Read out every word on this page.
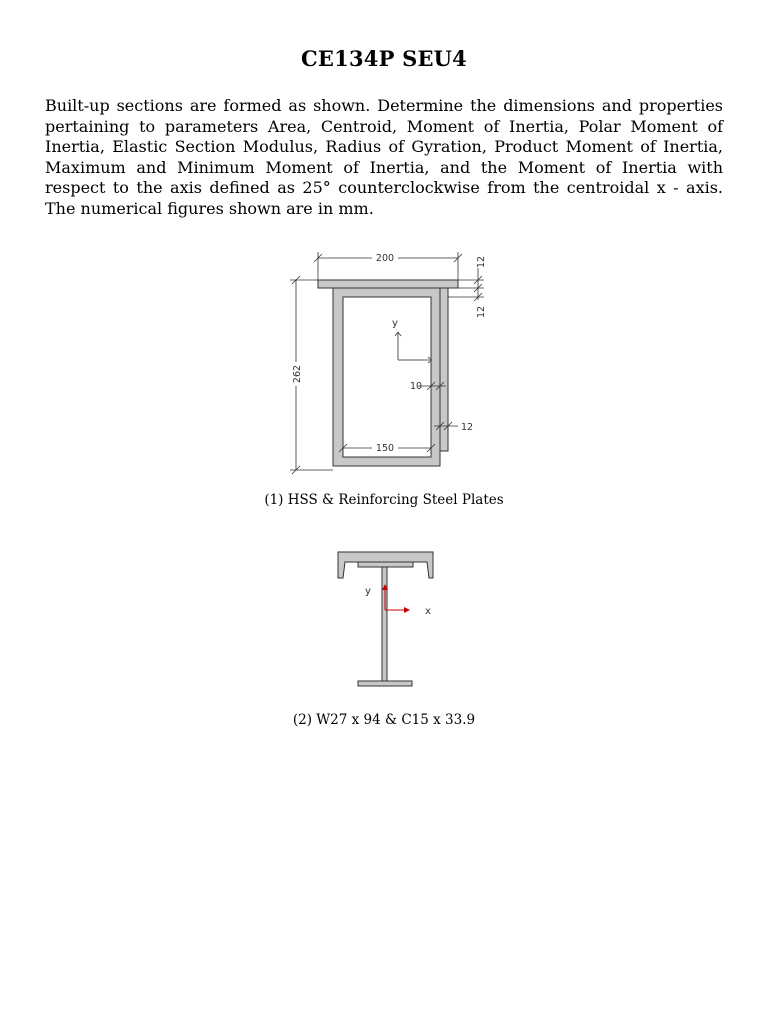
CE134P SEU4
Built-up sections are formed as shown. Determine the dimensions and properties pertaining to parameters Area, Centroid, Moment of Inertia, Polar Moment of Inertia, Elastic Section Modulus, Radius of Gyration, Product Moment of Inertia, Maximum and Minimum Moment of Inertia, and the Moment of Inertia with respect to the axis defined as 25° counterclockwise from the centroidal x - axis. The numerical figures shown are in mm.
200	12
12
262
y
10
12
150
(1) HSS & Reinforcing Steel Plates
y
x
(2) W27 x 94 & C15 x 33.9
